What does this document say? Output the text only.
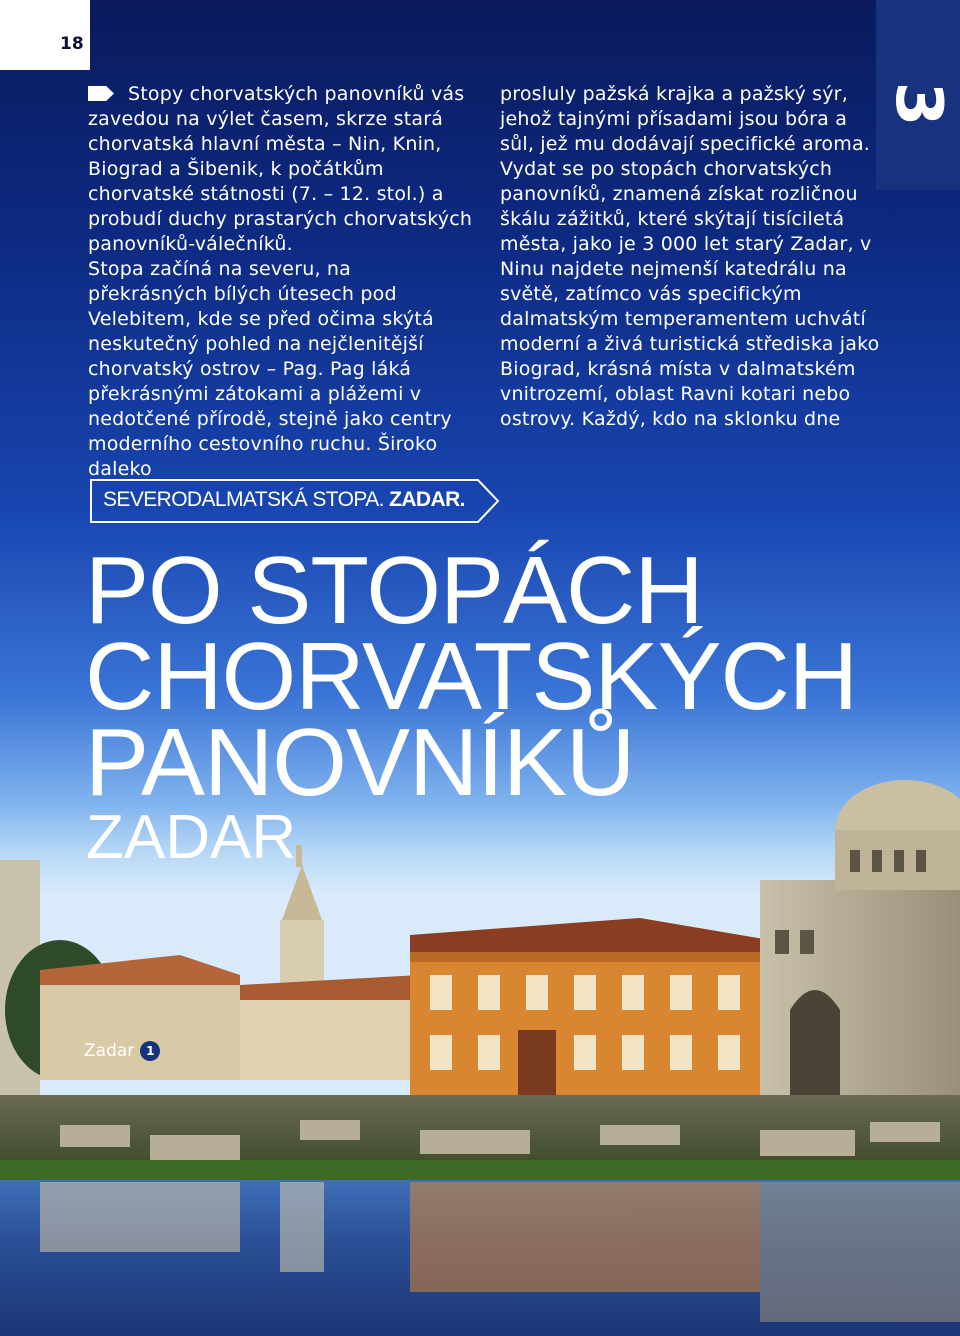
18
3

Stopy chorvatských panovníků vás zavedou na výlet časem, skrze stará chorvatská hlavní města – Nin, Knin, Biograd a Šibenik, k počátkům chorvatské státnosti (7. – 12. stol.) a probudí duchy prastarých chorvatských panovníků-válečníků.

Stopa začíná na severu, na překrásných bílých útesech pod Velebitem, kde se před očima skýtá neskutečný pohled na nejčlenitější chorvatský ostrov – Pag. Pag láká překrásnými zátokami a plážemi v nedotčené přírodě, stejně jako centry moderního cestovního ruchu. Široko daleko

prosluly pažská krajka a pažský sýr, jehož tajnými přísadami jsou bóra a sůl, jež mu dodávají specifické aroma. Vydat se po stopách chorvatských panovníků, znamená získat rozličnou škálu zážitků, které skýtají tisíciletá města, jako je 3 000 let starý Zadar, v Ninu najdete nejmenší katedrálu na světě, zatímco vás specifickým dalmatským temperamentem uchvátí moderní a živá turistická střediska jako Biograd, krásná místa v dalmatském vnitrozemí, oblast Ravni kotari nebo ostrovy. Každý, kdo na sklonku dne

SEVERODALMATSKÁ STOPA. ZADAR.
PO STOPÁCH
CHORVATSKÝCH
PANOVNÍKŮ
ZADAR
Zadar 1
